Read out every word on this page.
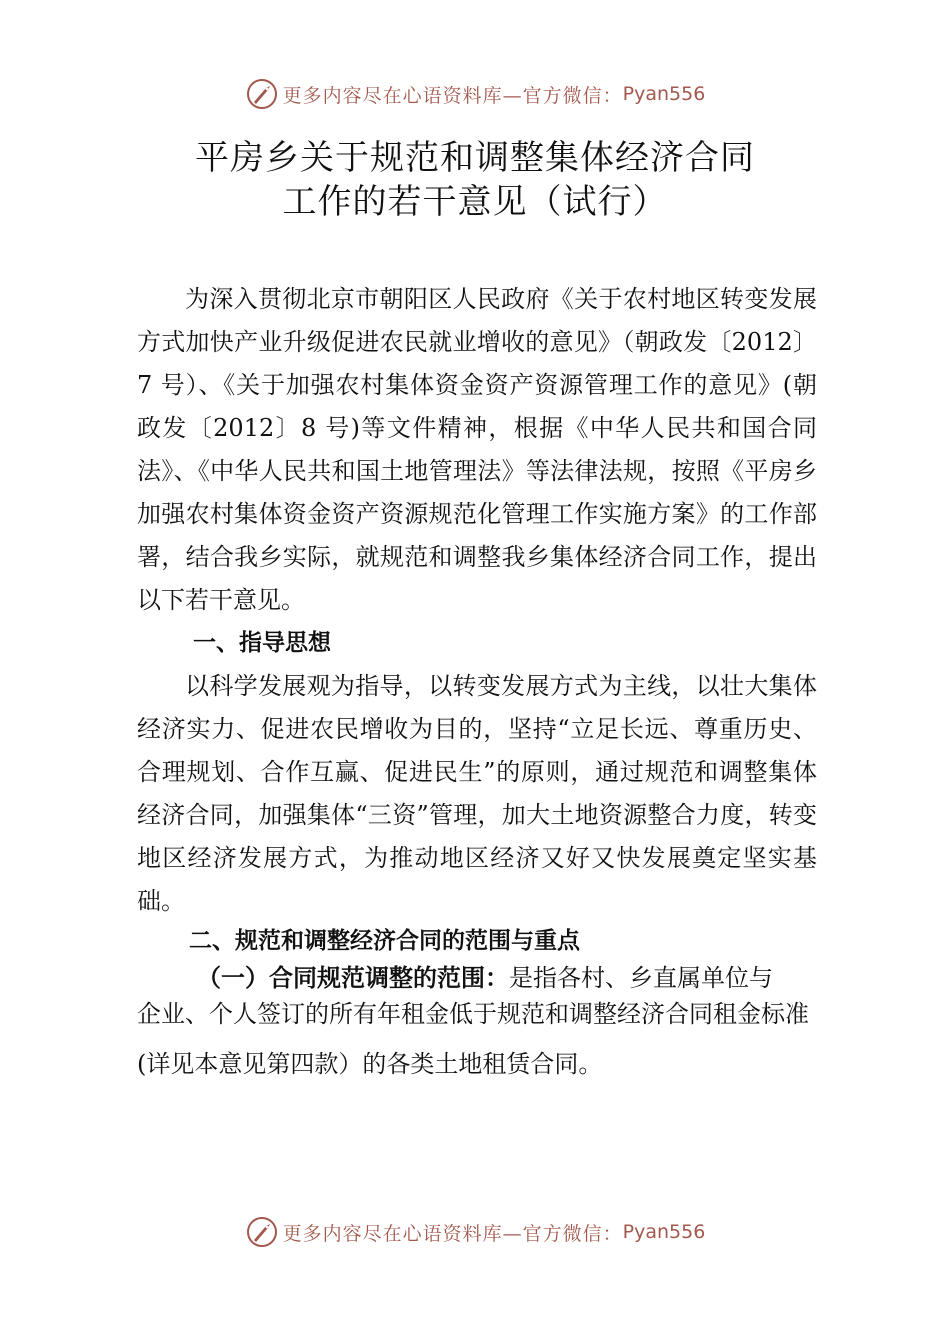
更多内容尽在心语资料库—官方微信： Pyan556
平房乡关于规范和调整集体经济合同
工作的若干意见（试行）

为深入贯彻北京市朝阳区人民政府《关于农村地区转变发展方式加快产业升级促进农民就业增收的意见》（朝政发〔2012〕7 号）、《关于加强农村集体资金资产资源管理工作的意见》(朝政发〔2012〕8 号)等文件精神，根据《中华人民共和国合同法》、《中华人民共和国土地管理法》等法律法规，按照《平房乡加强农村集体资金资产资源规范化管理工作实施方案》的工作部署，结合我乡实际，就规范和调整我乡集体经济合同工作，提出以下若干意见。

一、指导思想

以科学发展观为指导，以转变发展方式为主线，以壮大集体经济实力、促进农民增收为目的，坚持“立足长远、尊重历史、合理规划、合作互赢、促进民生”的原则，通过规范和调整集体经济合同，加强集体“三资”管理，加大土地资源整合力度，转变地区经济发展方式，为推动地区经济又好又快发展奠定坚实基础。

二、规范和调整经济合同的范围与重点

（一）合同规范调整的范围：是指各村、乡直属单位与

企业、个人签订的所有年租金低于规范和调整经济合同租金标准

(详见本意见第四款）的各类土地租赁合同。

更多内容尽在心语资料库—官方微信： Pyan556
